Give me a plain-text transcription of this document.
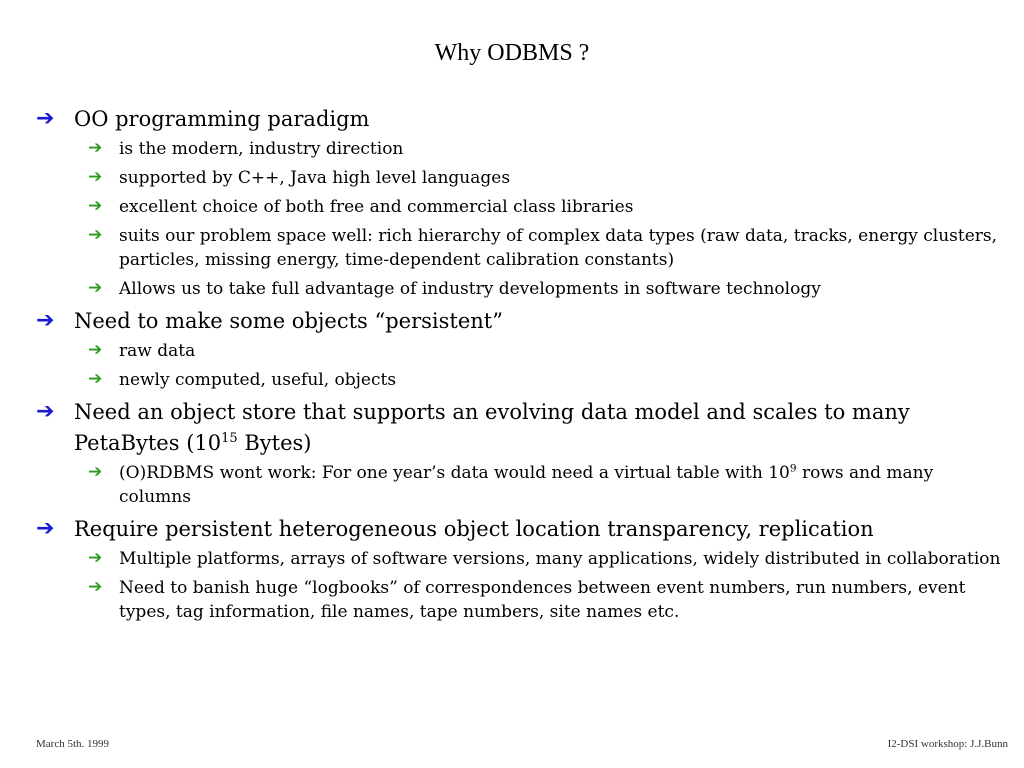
Why ODBMS ?
➔ OO programming paradigm
➔ is the modern, industry direction
➔ supported by C++, Java high level languages
➔ excellent choice of both free and commercial class libraries
➔ suits our problem space well: rich hierarchy of complex data types (raw data, tracks, energy clusters, particles, missing energy, time-dependent calibration constants)
➔ Allows us to take full advantage of industry developments in software technology
➔ Need to make some objects “persistent”
➔ raw data
➔ newly computed, useful, objects
➔ Need an object store that supports an evolving data model and scales to many PetaBytes ($10^{15}$ Bytes)
➔ (O)RDBMS wont work: For one year’s data would need a virtual table with $10^9$ rows and many columns
➔ Require persistent heterogeneous object location transparency, replication
➔ Multiple platforms, arrays of software versions, many applications, widely distributed in collaboration
➔ Need to banish huge “logbooks” of correspondences between event numbers, run numbers, event types, tag information, file names, tape numbers, site names etc.
March 5th. 1999	I2-DSI workshop: J.J.Bunn
